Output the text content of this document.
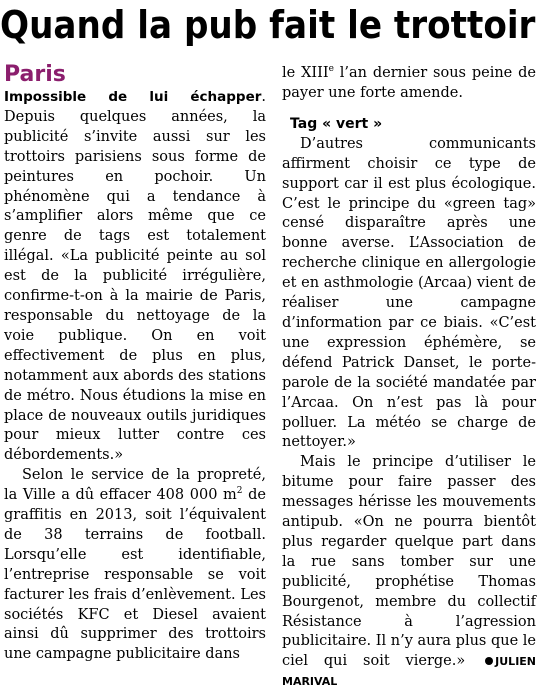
Quand la pub fait le trottoir
Paris

Impossible de lui échapper. Depuis quelques années, la publicité s’invite aussi sur les trottoirs parisiens sous forme de peintures en pochoir. Un phénomène qui a tendance à s’amplifier alors même que ce genre de tags est totalement illégal. «La publicité peinte au sol est de la publicité irrégulière, confirme-t-on à la mairie de Paris, responsable du nettoyage de la voie publique. On en voit effectivement de plus en plus, notamment aux abords des stations de métro. Nous étudions la mise en place de nouveaux outils juridiques pour mieux lutter contre ces débordements.»

Selon le service de la propreté, la Ville a dû effacer 408 000 $m^2$ de graffitis en 2013, soit l’équivalent de 38 terrains de football. Lorsqu’elle est identifiable, l’entreprise responsable se voit facturer les frais d’enlèvement. Les sociétés KFC et Diesel avaient ainsi dû supprimer des trottoirs une campagne publicitaire dans

le XIIIe l’an dernier sous peine de payer une forte amende.

Tag « vert »

D’autres communicants affirment choisir ce type de support car il est plus écologique. C’est le principe du «green tag» censé disparaître après une bonne averse. L’Association de recherche clinique en allergologie et en asthmologie (Arcaa) vient de réaliser une campagne d’information par ce biais. «C’est une expression éphémère, se défend Patrick Danset, le porte-parole de la société mandatée par l’Arcaa. On n’est pas là pour polluer. La météo se charge de nettoyer.»

Mais le principe d’utiliser le bitume pour faire passer des messages hérisse les mouvements antipub. «On ne pourra bientôt plus regarder quelque part dans la rue sans tomber sur une publicité, prophétise Thomas Bourgenot, membre du collectif Résistance à l’agression publicitaire. Il n’y aura plus que le ciel qui soit vierge.»	JULIEN MARIVAL
